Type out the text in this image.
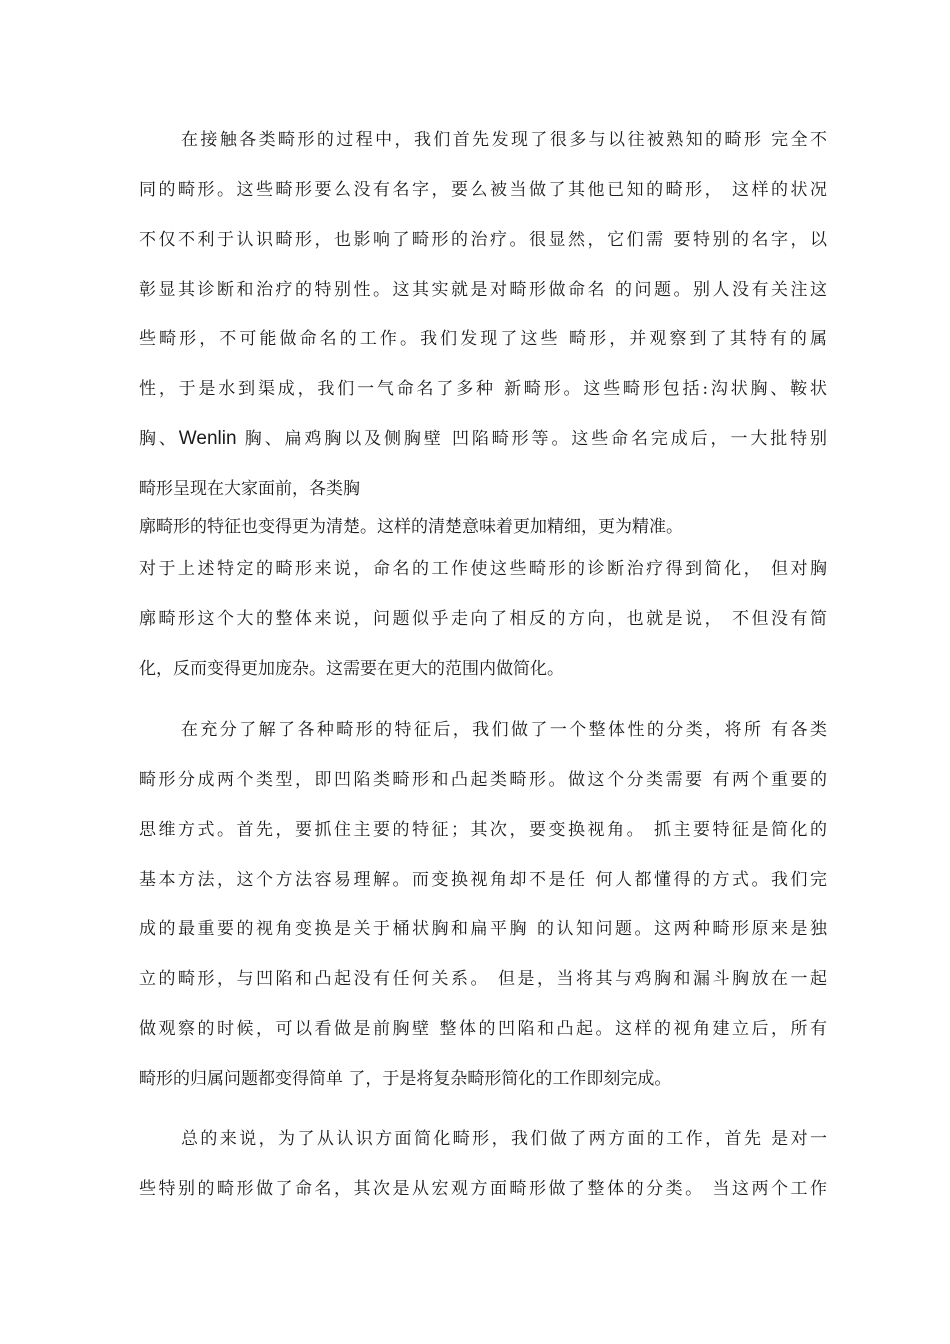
在接触各类畸形的过程中，我们首先发现了很多与以往被熟知的畸形 完全不
同的畸形。这些畸形要么没有名字，要么被当做了其他已知的畸形， 这样的状况
不仅不利于认识畸形，也影响了畸形的治疗。很显然，它们需 要特别的名字，以
彰显其诊断和治疗的特别性。这其实就是对畸形做命名 的问题。别人没有关注这
些畸形，不可能做命名的工作。我们发现了这些 畸形，并观察到了其特有的属
性，于是水到渠成，我们一气命名了多种 新畸形。这些畸形包括:沟状胸、鞍状
胸、Wenlin 胸、扁鸡胸以及侧胸壁 凹陷畸形等。这些命名完成后，一大批特别
畸形呈现在大家面前，各类胸
廓畸形的特征也变得更为清楚。这样的清楚意味着更加精细，更为精准。
对于上述特定的畸形来说，命名的工作使这些畸形的诊断治疗得到简化， 但对胸
廓畸形这个大的整体来说，问题似乎走向了相反的方向，也就是说， 不但没有简
化，反而变得更加庞杂。这需要在更大的范围内做简化。
在充分了解了各种畸形的特征后，我们做了一个整体性的分类，将所 有各类
畸形分成两个类型，即凹陷类畸形和凸起类畸形。做这个分类需要 有两个重要的
思维方式。首先，要抓住主要的特征；其次，要变换视角。 抓主要特征是简化的
基本方法，这个方法容易理解。而变换视角却不是任 何人都懂得的方式。我们完
成的最重要的视角变换是关于桶状胸和扁平胸 的认知问题。这两种畸形原来是独
立的畸形，与凹陷和凸起没有任何关系。 但是，当将其与鸡胸和漏斗胸放在一起
做观察的时候，可以看做是前胸壁 整体的凹陷和凸起。这样的视角建立后，所有
畸形的归属问题都变得简单 了，于是将复杂畸形简化的工作即刻完成。
总的来说，为了从认识方面简化畸形，我们做了两方面的工作，首先 是对一
些特别的畸形做了命名，其次是从宏观方面畸形做了整体的分类。 当这两个工作
